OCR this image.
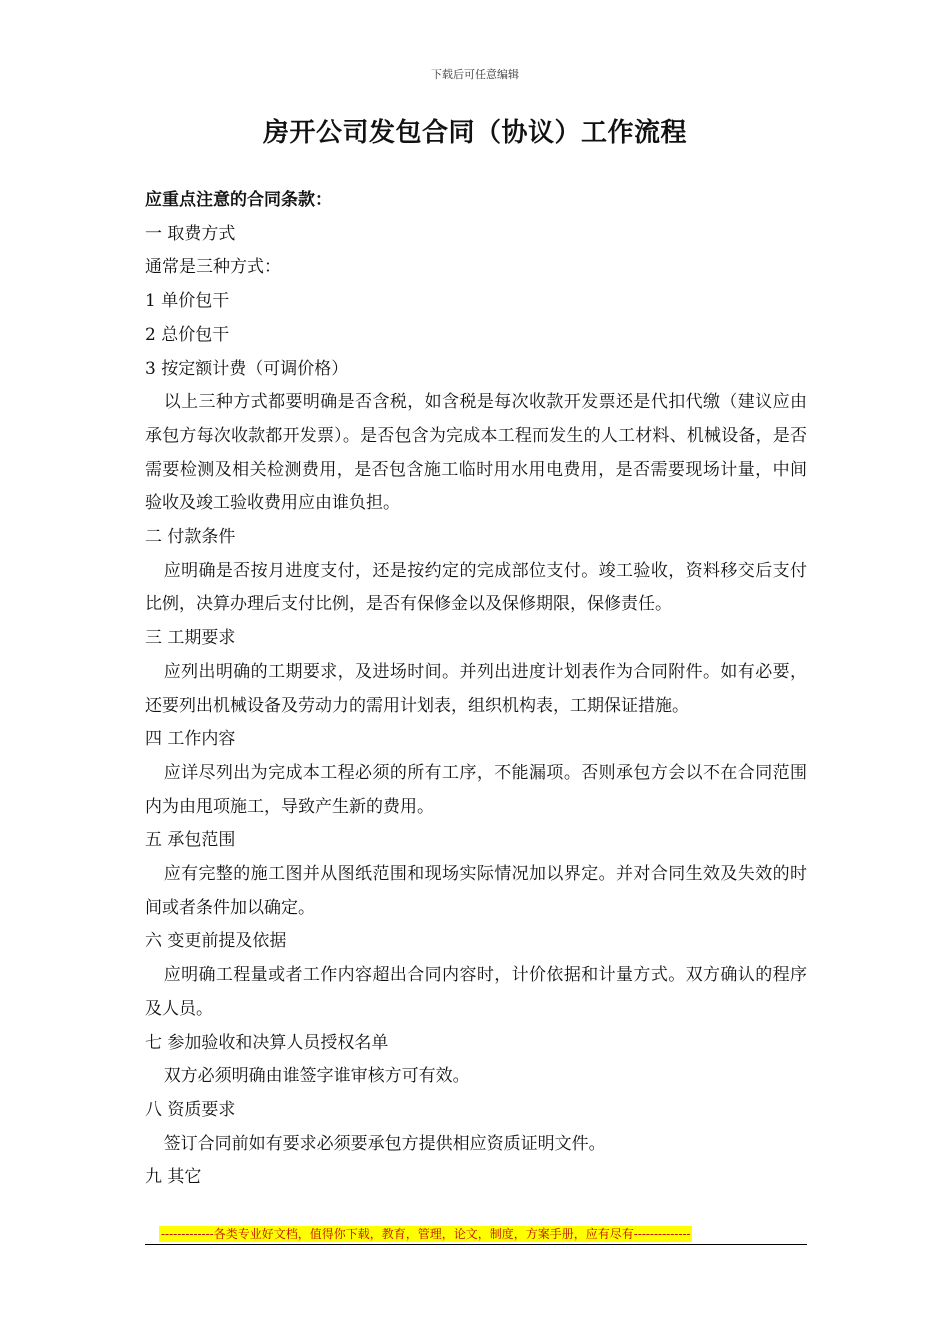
下载后可任意编辑
房开公司发包合同（协议）工作流程

应重点注意的合同条款：

一 取费方式

通常是三种方式：

1 单价包干

2 总价包干

3 按定额计费（可调价格）

以上三种方式都要明确是否含税，如含税是每次收款开发票还是代扣代缴（建议应由承包方每次收款都开发票）。是否包含为完成本工程而发生的人工材料、机械设备，是否需要检测及相关检测费用，是否包含施工临时用水用电费用，是否需要现场计量，中间验收及竣工验收费用应由谁负担。

二 付款条件

应明确是否按月进度支付，还是按约定的完成部位支付。竣工验收，资料移交后支付比例，决算办理后支付比例，是否有保修金以及保修期限，保修责任。

三 工期要求

应列出明确的工期要求，及进场时间。并列出进度计划表作为合同附件。如有必要，还要列出机械设备及劳动力的需用计划表，组织机构表，工期保证措施。

四 工作内容

应详尽列出为完成本工程必须的所有工序，不能漏项。否则承包方会以不在合同范围内为由甩项施工，导致产生新的费用。

五 承包范围

应有完整的施工图并从图纸范围和现场实际情况加以界定。并对合同生效及失效的时间或者条件加以确定。

六 变更前提及依据

应明确工程量或者工作内容超出合同内容时，计价依据和计量方式。双方确认的程序及人员。

七 参加验收和决算人员授权名单

双方必须明确由谁签字谁审核方可有效。

八 资质要求

签订合同前如有要求必须要承包方提供相应资质证明文件。

九 其它

-------------各类专业好文档，值得你下载，教育，管理，论文，制度，方案手册，应有尽有--------------
